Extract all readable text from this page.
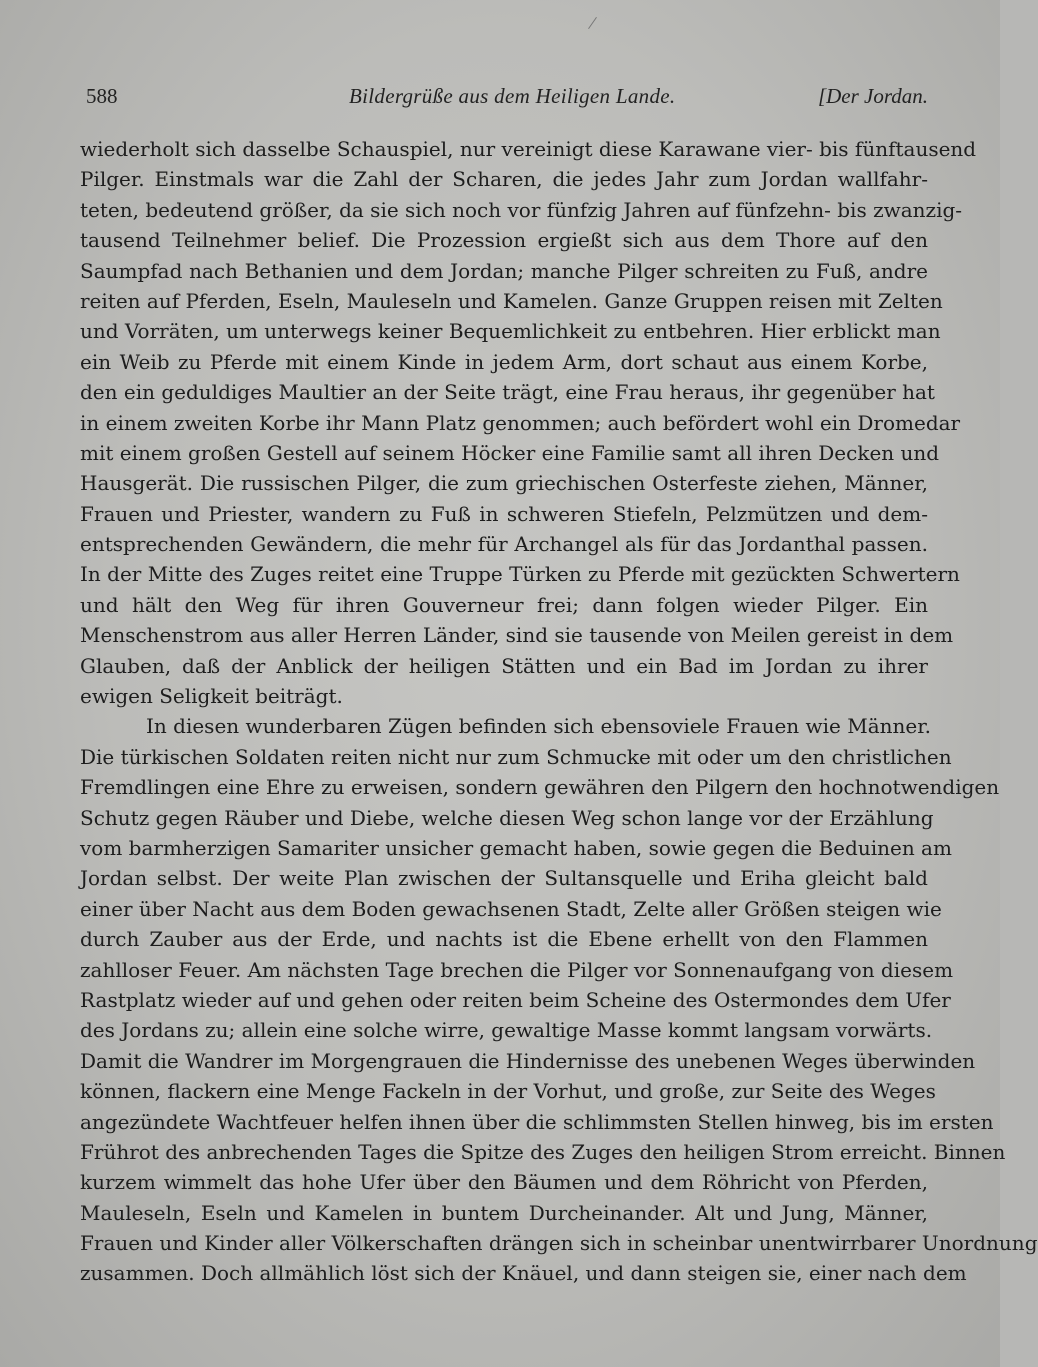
588	Bildergrüße aus dem Heiligen Lande.	[Der Jordan.
wiederholt sich dasselbe Schauspiel, nur vereinigt diese Karawane vier- bis fünftausend
Pilger. Einstmals war die Zahl der Scharen, die jedes Jahr zum Jordan wallfahr-
teten, bedeutend größer, da sie sich noch vor fünfzig Jahren auf fünfzehn- bis zwanzig-
tausend Teilnehmer belief. Die Prozession ergießt sich aus dem Thore auf den
Saumpfad nach Bethanien und dem Jordan; manche Pilger schreiten zu Fuß, andre
reiten auf Pferden, Eseln, Mauleseln und Kamelen. Ganze Gruppen reisen mit Zelten
und Vorräten, um unterwegs keiner Bequemlichkeit zu entbehren. Hier erblickt man
ein Weib zu Pferde mit einem Kinde in jedem Arm, dort schaut aus einem Korbe,
den ein geduldiges Maultier an der Seite trägt, eine Frau heraus, ihr gegenüber hat
in einem zweiten Korbe ihr Mann Platz genommen; auch befördert wohl ein Dromedar
mit einem großen Gestell auf seinem Höcker eine Familie samt all ihren Decken und
Hausgerät. Die russischen Pilger, die zum griechischen Osterfeste ziehen, Männer,
Frauen und Priester, wandern zu Fuß in schweren Stiefeln, Pelzmützen und dem-
entsprechenden Gewändern, die mehr für Archangel als für das Jordanthal passen.
In der Mitte des Zuges reitet eine Truppe Türken zu Pferde mit gezückten Schwertern
und hält den Weg für ihren Gouverneur frei; dann folgen wieder Pilger. Ein
Menschenstrom aus aller Herren Länder, sind sie tausende von Meilen gereist in dem
Glauben, daß der Anblick der heiligen Stätten und ein Bad im Jordan zu ihrer
ewigen Seligkeit beiträgt.
In diesen wunderbaren Zügen befinden sich ebensoviele Frauen wie Männer.
Die türkischen Soldaten reiten nicht nur zum Schmucke mit oder um den christlichen
Fremdlingen eine Ehre zu erweisen, sondern gewähren den Pilgern den hochnotwendigen
Schutz gegen Räuber und Diebe, welche diesen Weg schon lange vor der Erzählung
vom barmherzigen Samariter unsicher gemacht haben, sowie gegen die Beduinen am
Jordan selbst. Der weite Plan zwischen der Sultansquelle und Eriha gleicht bald
einer über Nacht aus dem Boden gewachsenen Stadt, Zelte aller Größen steigen wie
durch Zauber aus der Erde, und nachts ist die Ebene erhellt von den Flammen
zahlloser Feuer. Am nächsten Tage brechen die Pilger vor Sonnenaufgang von diesem
Rastplatz wieder auf und gehen oder reiten beim Scheine des Ostermondes dem Ufer
des Jordans zu; allein eine solche wirre, gewaltige Masse kommt langsam vorwärts.
Damit die Wandrer im Morgengrauen die Hindernisse des unebenen Weges überwinden
können, flackern eine Menge Fackeln in der Vorhut, und große, zur Seite des Weges
angezündete Wachtfeuer helfen ihnen über die schlimmsten Stellen hinweg, bis im ersten
Frührot des anbrechenden Tages die Spitze des Zuges den heiligen Strom erreicht. Binnen
kurzem wimmelt das hohe Ufer über den Bäumen und dem Röhricht von Pferden,
Mauleseln, Eseln und Kamelen in buntem Durcheinander. Alt und Jung, Männer,
Frauen und Kinder aller Völkerschaften drängen sich in scheinbar unentwirrbarer Unordnung
zusammen. Doch allmählich löst sich der Knäuel, und dann steigen sie, einer nach dem
